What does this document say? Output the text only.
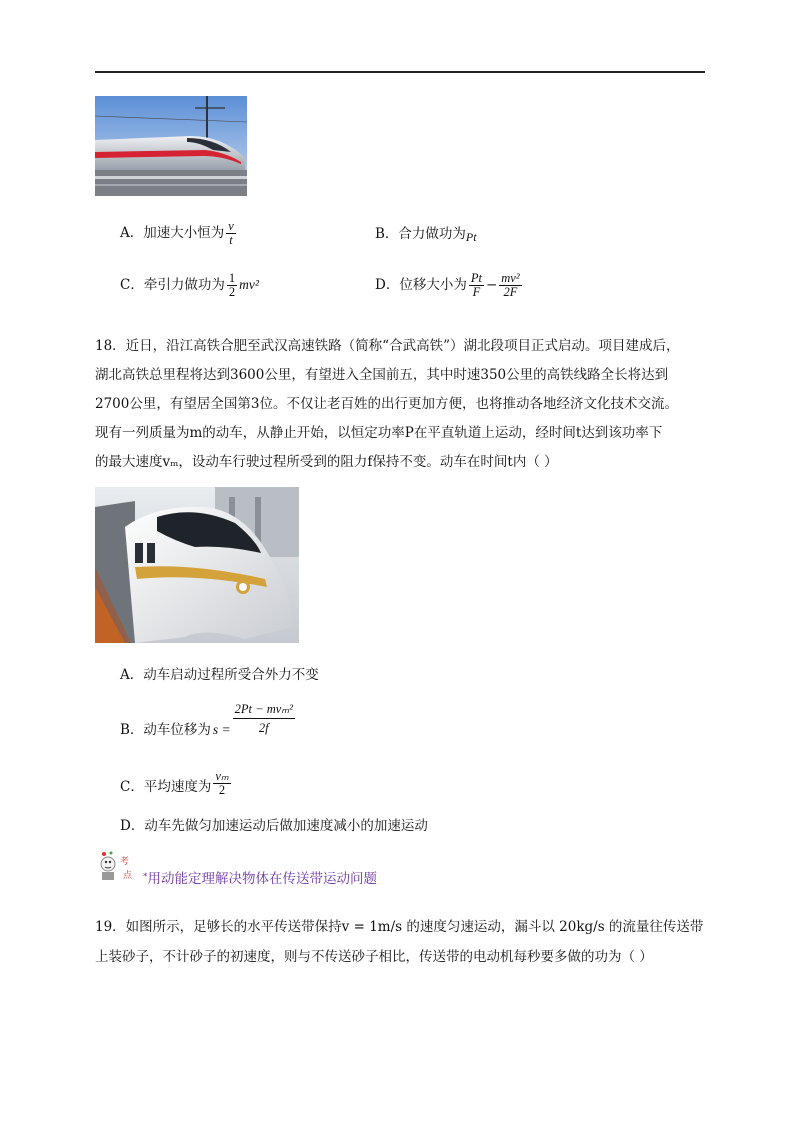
A．加速大小恒为 $\frac{v}{t}$	B．合力做功为Pt
C．牵引力做功为 $\frac{1}{2} mv^2$	D．位移大小为 $\frac{Pt}{F} - \frac{\text{mv²}}{2F}$

18．近日，沿江高铁合肥至武汉高速铁路（简称“合武高铁”）湖北段项目正式启动。项目建成后，

湖北高铁总里程将达到3600公里，有望进入全国前五，其中时速350公里的高铁线路全长将达到

2700公里，有望居全国第3位。不仅让老百姓的出行更加方便，也将推动各地经济文化技术交流。

现有一列质量为m的动车，从静止开始，以恒定功率P在平直轨道上运动，经时间t达到该功率下

的最大速度vₘ，设动车行驶过程所受到的阻力f保持不变。动车在时间t内（ ）

A．动车启动过程所受合外力不变
B．动车位移为 $s = \frac{\text{2Pt − mvₘ²}}{2f}$
C．平均速度为 $\frac{\text{vₘ}}{2}$
D．动车先做匀加速运动后做加速度减小的加速运动
考
点 *用动能定理解决物体在传送带运动问题

19．如图所示，足够长的水平传送带保持v = 1m/s 的速度匀速运动，漏斗以 20kg/s 的流量往传送带

上装砂子，不计砂子的初速度，则与不传送砂子相比，传送带的电动机每秒要多做的功为（ ）
